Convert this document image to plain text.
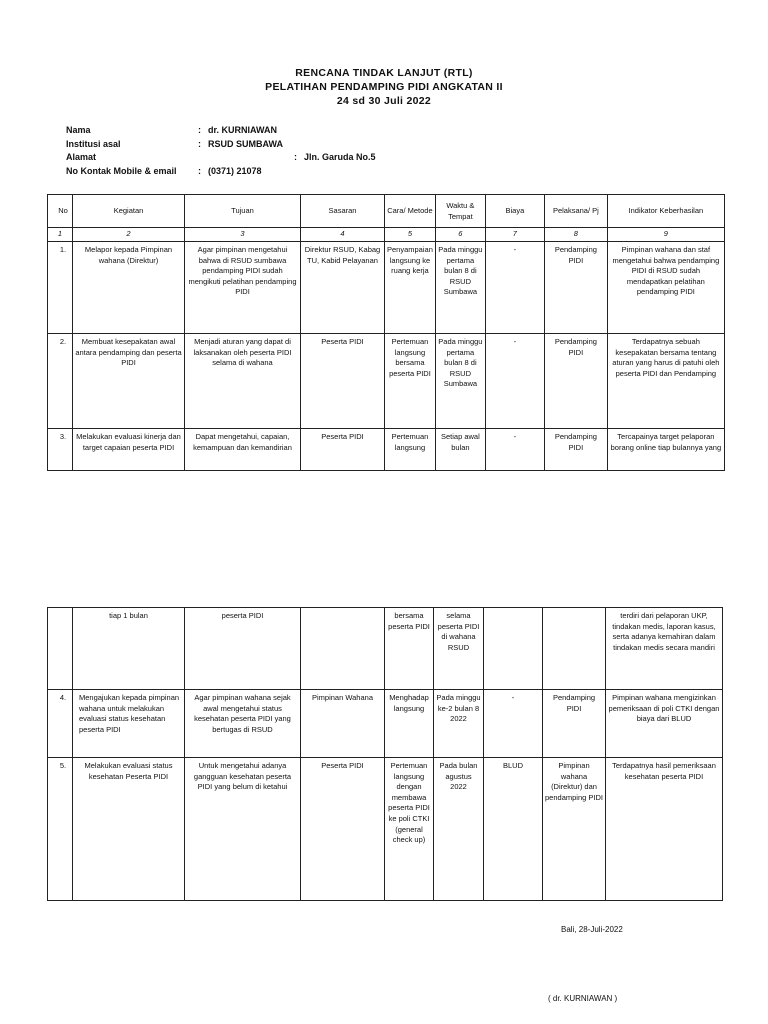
RENCANA TINDAK LANJUT (RTL)
PELATIHAN PENDAMPING PIDI ANGKATAN II
24 sd 30 Juli 2022
Nama	: dr. KURNIAWAN
Institusi asal	: RSUD SUMBAWA
Alamat	: Jln. Garuda No.5
No Kontak Mobile & email : (0371) 21078
No	Kegiatan	Tujuan	Sasaran	Cara/ Metode	Waktu & Tempat	Biaya	Pelaksana/ Pj	Indikator Keberhasilan
1	2	3	4	5	6	7	8	9
1.	Melapor kepada Pimpinan wahana (Direktur)	Agar pimpinan mengetahui bahwa di RSUD sumbawa pendamping PIDI sudah mengikuti pelatihan pendamping PIDI	Direktur RSUD, Kabag TU, Kabid Pelayanan	Penyampaian langsung ke ruang kerja	Pada minggu pertama bulan 8 di RSUD Sumbawa	-	Pendamping PIDI	Pimpinan wahana dan staf mengetahui bahwa pendamping PIDI di RSUD sudah mendapatkan pelatihan pendamping PIDI
2.	Membuat kesepakatan awal antara pendamping dan peserta PIDI	Menjadi aturan yang dapat di laksanakan oleh peserta PIDI selama di wahana	Peserta PIDI	Pertemuan langsung bersama peserta PIDI	Pada minggu pertama bulan 8 di RSUD Sumbawa	-	Pendamping PIDI	Terdapatnya sebuah kesepakatan bersama tentang aturan yang harus di patuhi oleh peserta PIDI dan Pendamping
3.	Melakukan evaluasi kinerja dan target capaian peserta PIDI	Dapat mengetahui, capaian, kemampuan dan kemandirian	Peserta PIDI	Pertemuan langsung	Setiap awal bulan	-	Pendamping PIDI	Tercapainya target pelaporan borang online tiap bulannya yang
	tiap 1 bulan	peserta PIDI		bersama peserta PIDI	selama peserta PIDI di wahana RSUD			terdiri dari pelaporan UKP, tindakan medis, laporan kasus, serta adanya kemahiran dalam tindakan medis secara mandiri
4.	Mengajukan kepada pimpinan wahana untuk melakukan evaluasi status kesehatan peserta PIDI	Agar pimpinan wahana sejak awal mengetahui status kesehatan peserta PIDI yang bertugas di RSUD	Pimpinan Wahana	Menghadap langsung	Pada minggu ke-2 bulan 8 2022	-	Pendamping PIDI	Pimpinan wahana mengizinkan pemeriksaan di poli CTKI dengan biaya dari BLUD
5.	Melakukan evaluasi status kesehatan Peserta PIDI	Untuk mengetahui adanya gangguan kesehatan peserta PIDI yang belum di ketahui	Peserta PIDI	Pertemuan langsung dengan membawa peserta PIDI ke poli CTKI (general check up)	Pada bulan agustus 2022	BLUD	Pimpinan wahana (Direktur) dan pendamping PIDI	Terdapatnya hasil pemeriksaan kesehatan peserta PIDI
Bali, 28-Juli-2022
( dr. KURNIAWAN )
